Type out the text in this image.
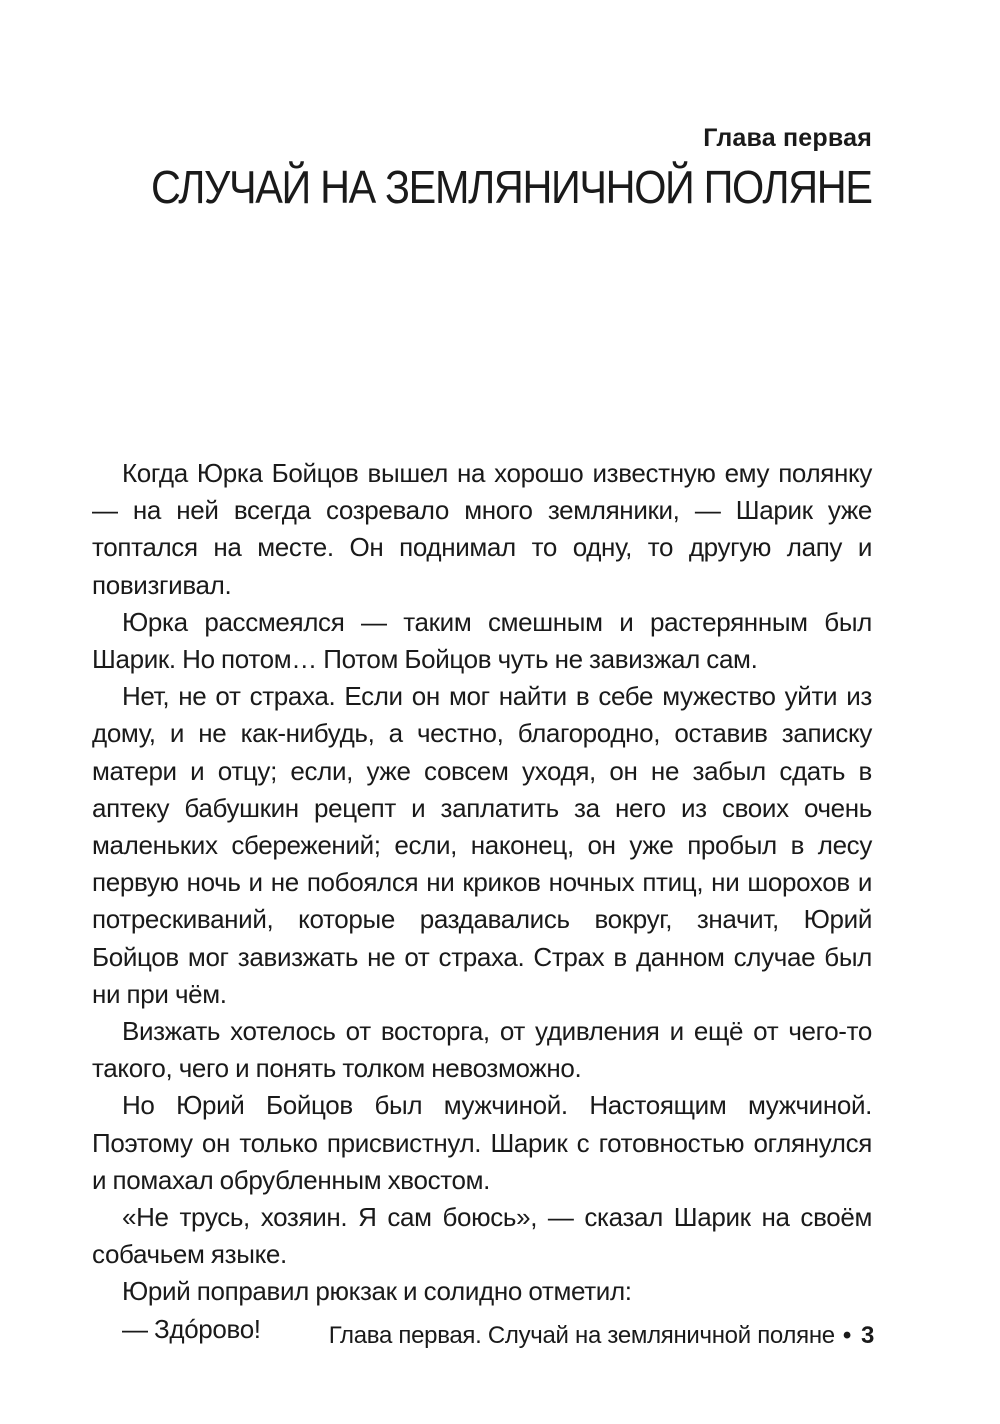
Глава первая
СЛУЧАЙ НА ЗЕМЛЯНИЧНОЙ ПОЛЯНЕ

Когда Юрка Бойцов вышел на хорошо известную ему полянку — на ней всегда созревало много земляники, — Шарик уже топтался на месте. Он поднимал то одну, то другую лапу и повизгивал.

Юрка рассмеялся — таким смешным и растерянным был Шарик. Но потом… Потом Бойцов чуть не завизжал сам.

Нет, не от страха. Если он мог найти в себе мужество уйти из дому, и не как-нибудь, а честно, благородно, оставив записку матери и отцу; если, уже совсем уходя, он не забыл сдать в аптеку бабушкин рецепт и заплатить за него из своих очень маленьких сбережений; если, наконец, он уже пробыл в лесу первую ночь и не побоялся ни криков ночных птиц, ни шорохов и потрескиваний, которые раздавались вокруг, значит, Юрий Бойцов мог завизжать не от страха. Страх в данном случае был ни при чём.

Визжать хотелось от восторга, от удивления и ещё от чего-то такого, чего и понять толком невозможно.

Но Юрий Бойцов был мужчиной. Настоящим мужчиной. Поэтому он только присвистнул. Шарик с готовностью оглянулся и помахал обрубленным хвостом.

«Не трусь, хозяин. Я сам боюсь», — сказал Шарик на своём собачьем языке.

Юрий поправил рюкзак и солидно отметил:

— Здóрово!	Глава первая. Случай на земляничной поляне • 3
